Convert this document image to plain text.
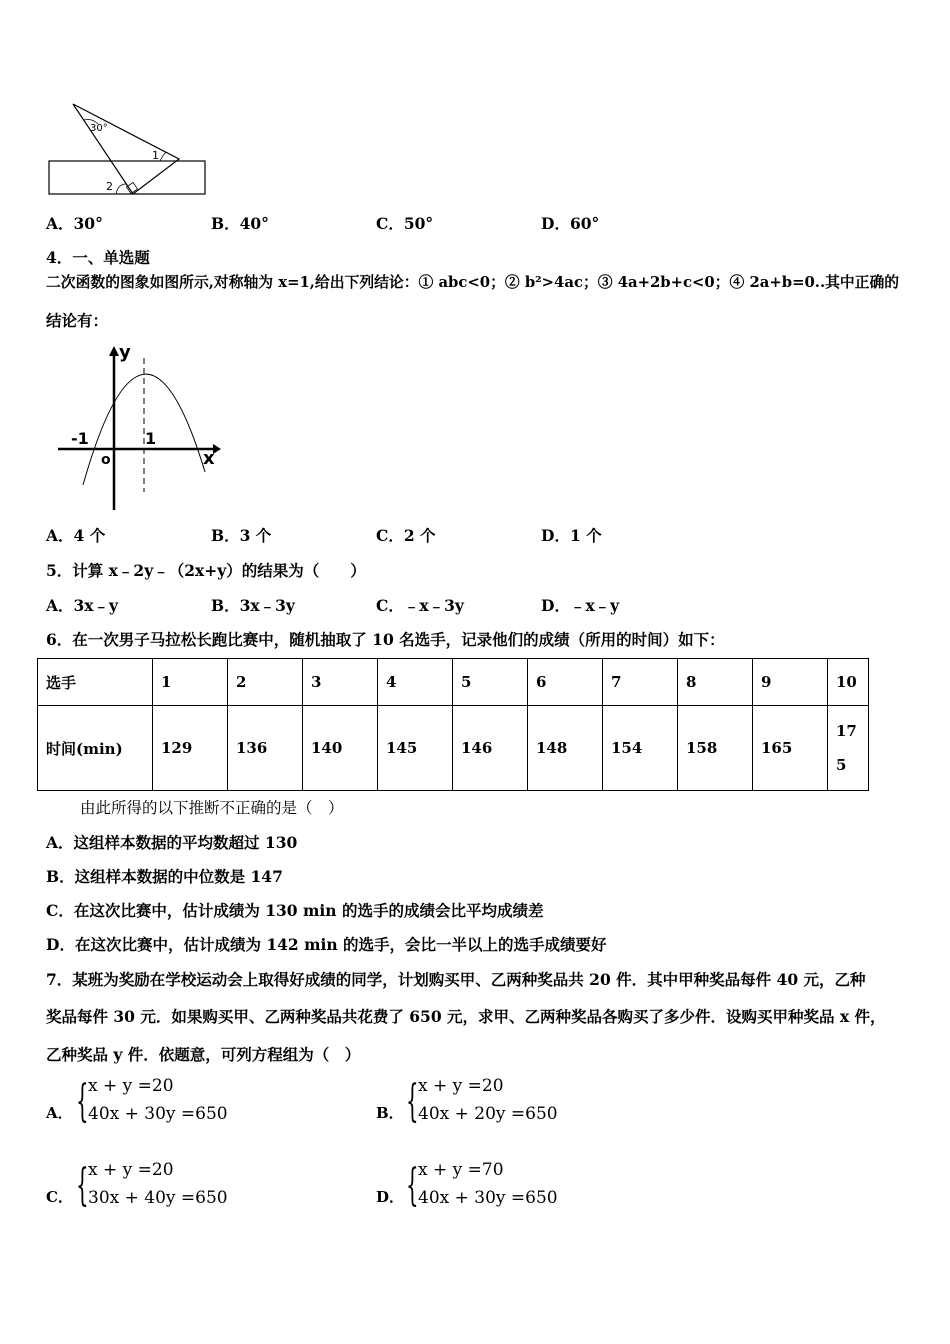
30°
1
2
A．30°	B．40°	C．50°	D．60°
4．一、单选题
二次函数的图象如图所示,对称轴为 x=1,给出下列结论：① abc<0；② b²>4ac；③ 4a+2b+c<0；④ 2a+b=0..其中正确的
结论有：
y
x
o
-1	1
A．4 个	B．3 个	C．2 个	D．1 个
5．计算 x﹣2y﹣（2x+y）的结果为（　　）
A．3x﹣y	B．3x﹣3y	C．﹣x﹣3y	D．﹣x﹣y
6．在一次男子马拉松长跑比赛中，随机抽取了 10 名选手，记录他们的成绩（所用的时间）如下：
选手	1	2	3	4	5	6	7	8	9	10
时间(min)	129	136	140	145	146	148	154	158	165	17
5
由此所得的以下推断不正确的是（　）
A．这组样本数据的平均数超过 130
B．这组样本数据的中位数是 147
C．在这次比赛中，估计成绩为 130 min 的选手的成绩会比平均成绩差
D．在这次比赛中，估计成绩为 142 min 的选手，会比一半以上的选手成绩要好
7．某班为奖励在学校运动会上取得好成绩的同学，计划购买甲、乙两种奖品共 20 件．其中甲种奖品每件 40 元，乙种
奖品每件 30 元．如果购买甲、乙两种奖品共花费了 650 元，求甲、乙两种奖品各购买了多少件．设购买甲种奖品 x 件，
乙种奖品 y 件．依题意，可列方程组为（　）
A． { x + y =20
40x + 30y =650	B． { x + y =20
40x + 20y =650
C． { x + y =20
30x + 40y =650	D． { x + y =70
40x + 30y =650
